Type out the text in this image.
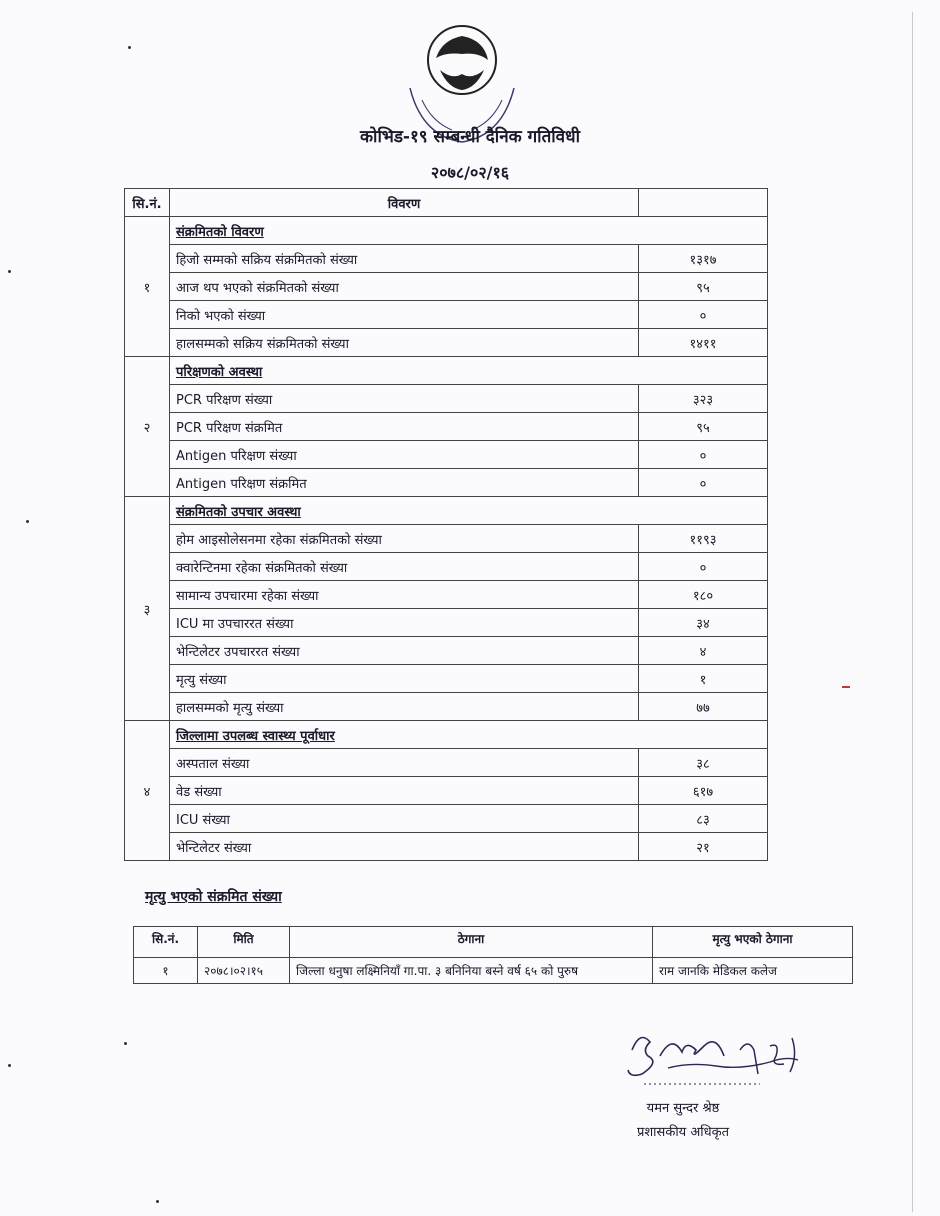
कोभिड-१९ सम्बन्धी दैनिक गतिविधी
२०७८/०२/१६
सि.नं.	विवरण	
१	संक्रमितको विवरण	
	हिजो सम्मको सक्रिय संक्रमितको संख्या	१३१७
	आज थप भएको संक्रमितको संख्या	९५
	निको भएको संख्या	०
	हालसम्मको सक्रिय संक्रमितको संख्या	१४११
२	परिक्षणको अवस्था	
	PCR परिक्षण संख्या	३२३
	PCR परिक्षण संक्रमित	९५
	Antigen परिक्षण संख्या	०
	Antigen परिक्षण संक्रमित	०
३	संक्रमितको उपचार अवस्था	
	होम आइसोलेसनमा रहेका संक्रमितको संख्या	११९३
	क्वारेन्टिनमा रहेका संक्रमितको संख्या	०
	सामान्य उपचारमा रहेका संख्या	१८०
	ICU मा उपचाररत संख्या	३४
	भेन्टिलेटर उपचाररत संख्या	४
	मृत्यु संख्या	१
	हालसम्मको मृत्यु संख्या	७७
४	जिल्लामा उपलब्ध स्वास्थ्य पूर्वाधार	
	अस्पताल संख्या	३८
	वेड संख्या	६१७
	ICU संख्या	८३
	भेन्टिलेटर संख्या	२१
मृत्यु भएको संक्रमित संख्या
सि.नं.	मिति	ठेगाना	मृत्यु भएको ठेगाना
१	२०७८।०२।१५	जिल्ला धनुषा लक्ष्मिनियाँ गा.पा. ३ बनिनिया बस्ने वर्ष ६५ को पुरुष	राम जानकि मेडिकल कलेज
यमन सुन्दर श्रेष्ठ
प्रशासकीय अधिकृत
